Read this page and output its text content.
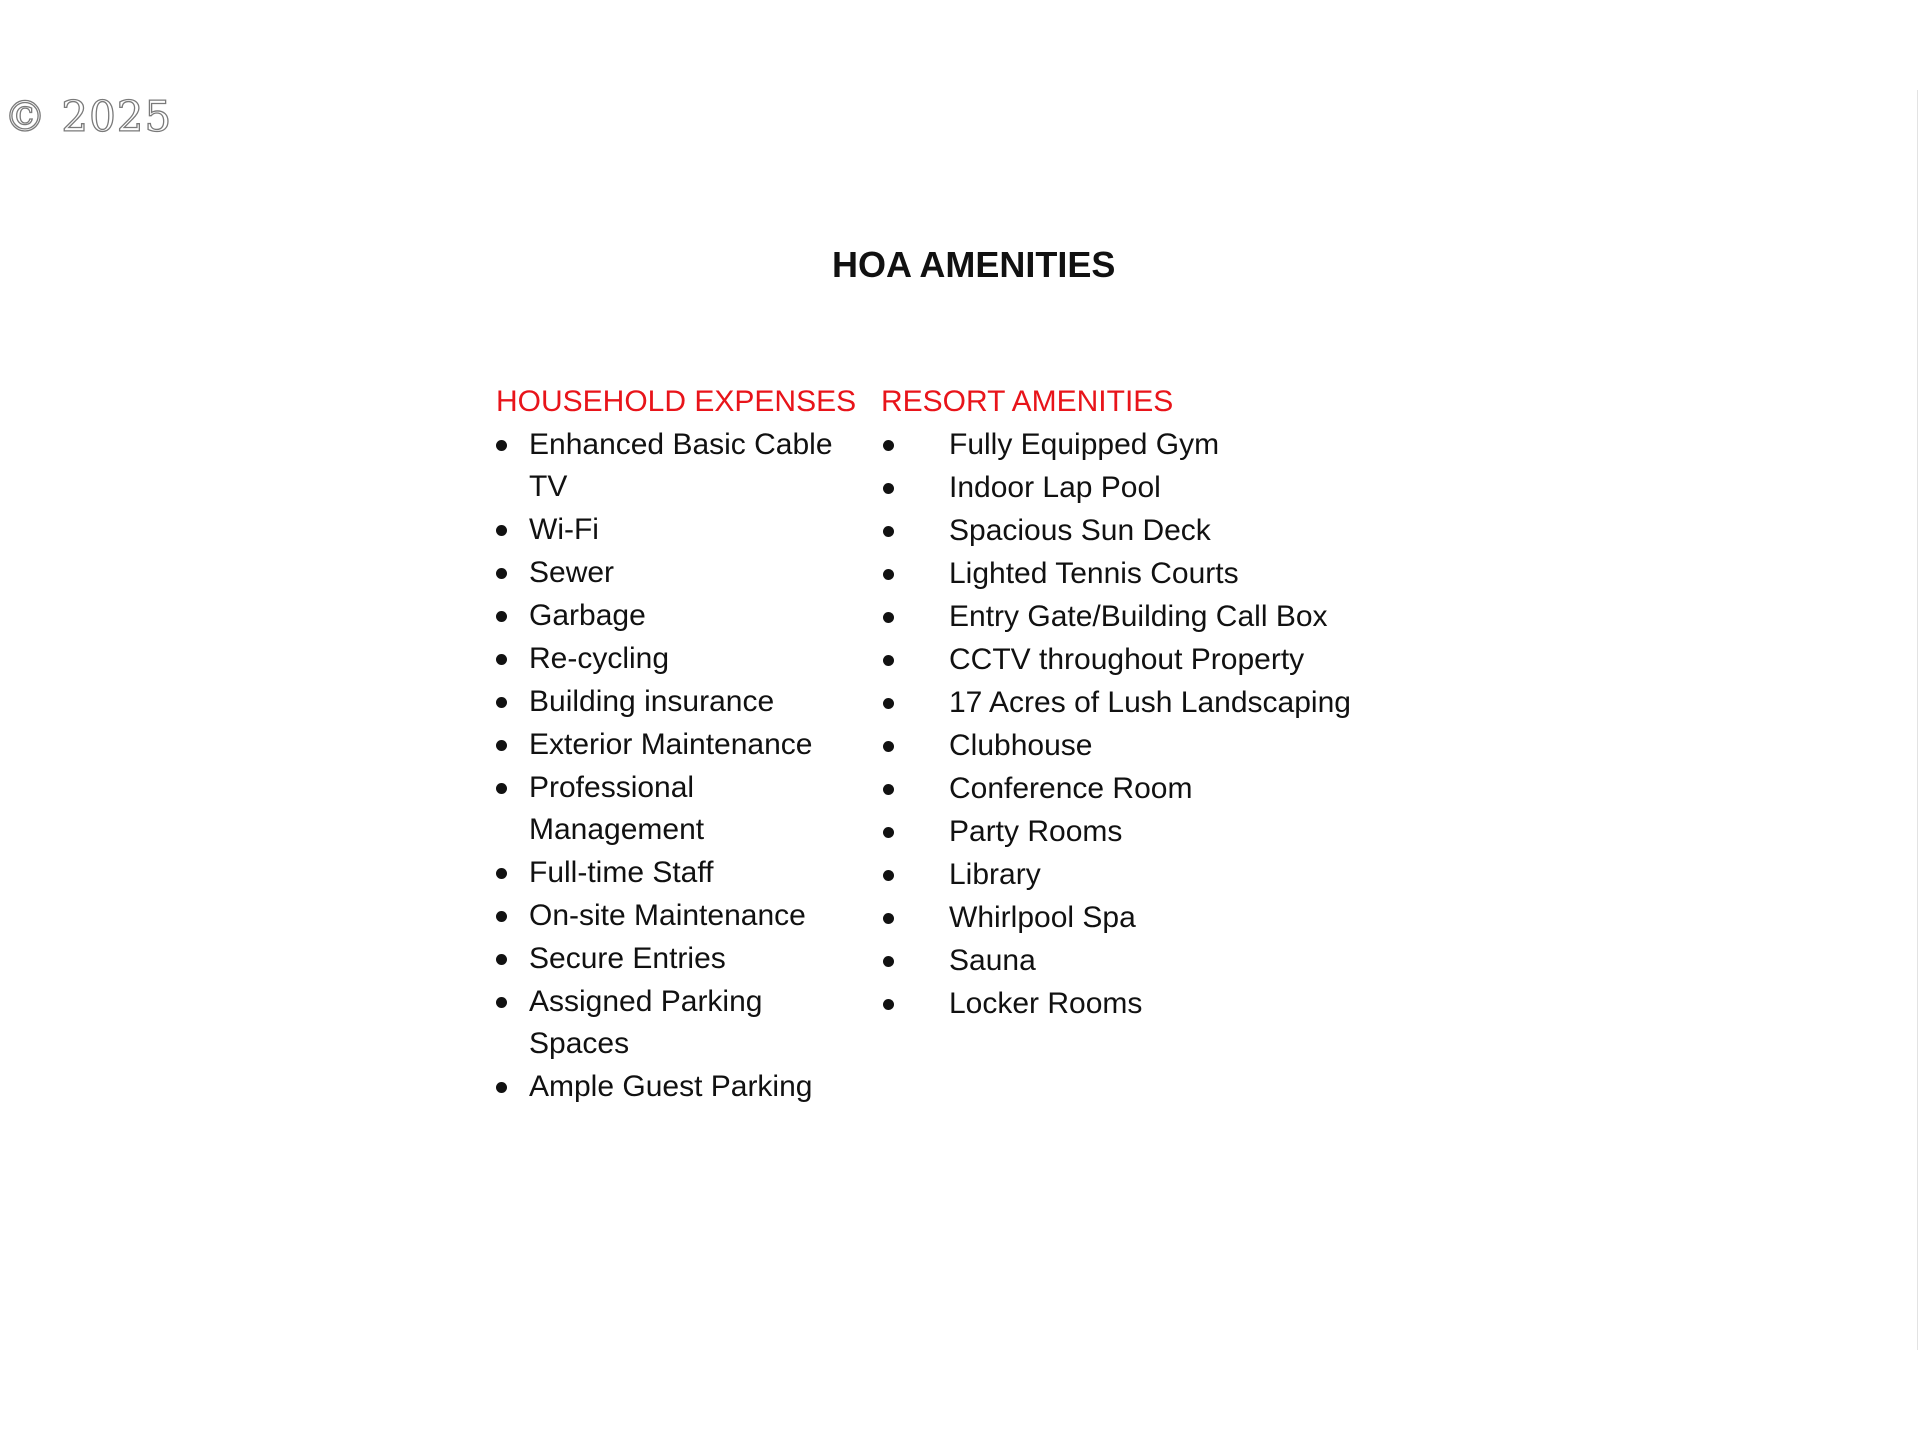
© 2025
HOA AMENITIES
HOUSEHOLD EXPENSES
Enhanced Basic Cable TV
Wi-Fi
Sewer
Garbage
Re-cycling
Building insurance
Exterior Maintenance
Professional Management
Full-time Staff
On-site Maintenance
Secure Entries
Assigned Parking Spaces
Ample Guest Parking
RESORT AMENITIES
Fully Equipped Gym
Indoor Lap Pool
Spacious Sun Deck
Lighted Tennis Courts
Entry Gate/Building Call Box
CCTV throughout Property
17 Acres of Lush Landscaping
Clubhouse
Conference Room
Party Rooms
Library
Whirlpool Spa
Sauna
Locker Rooms
